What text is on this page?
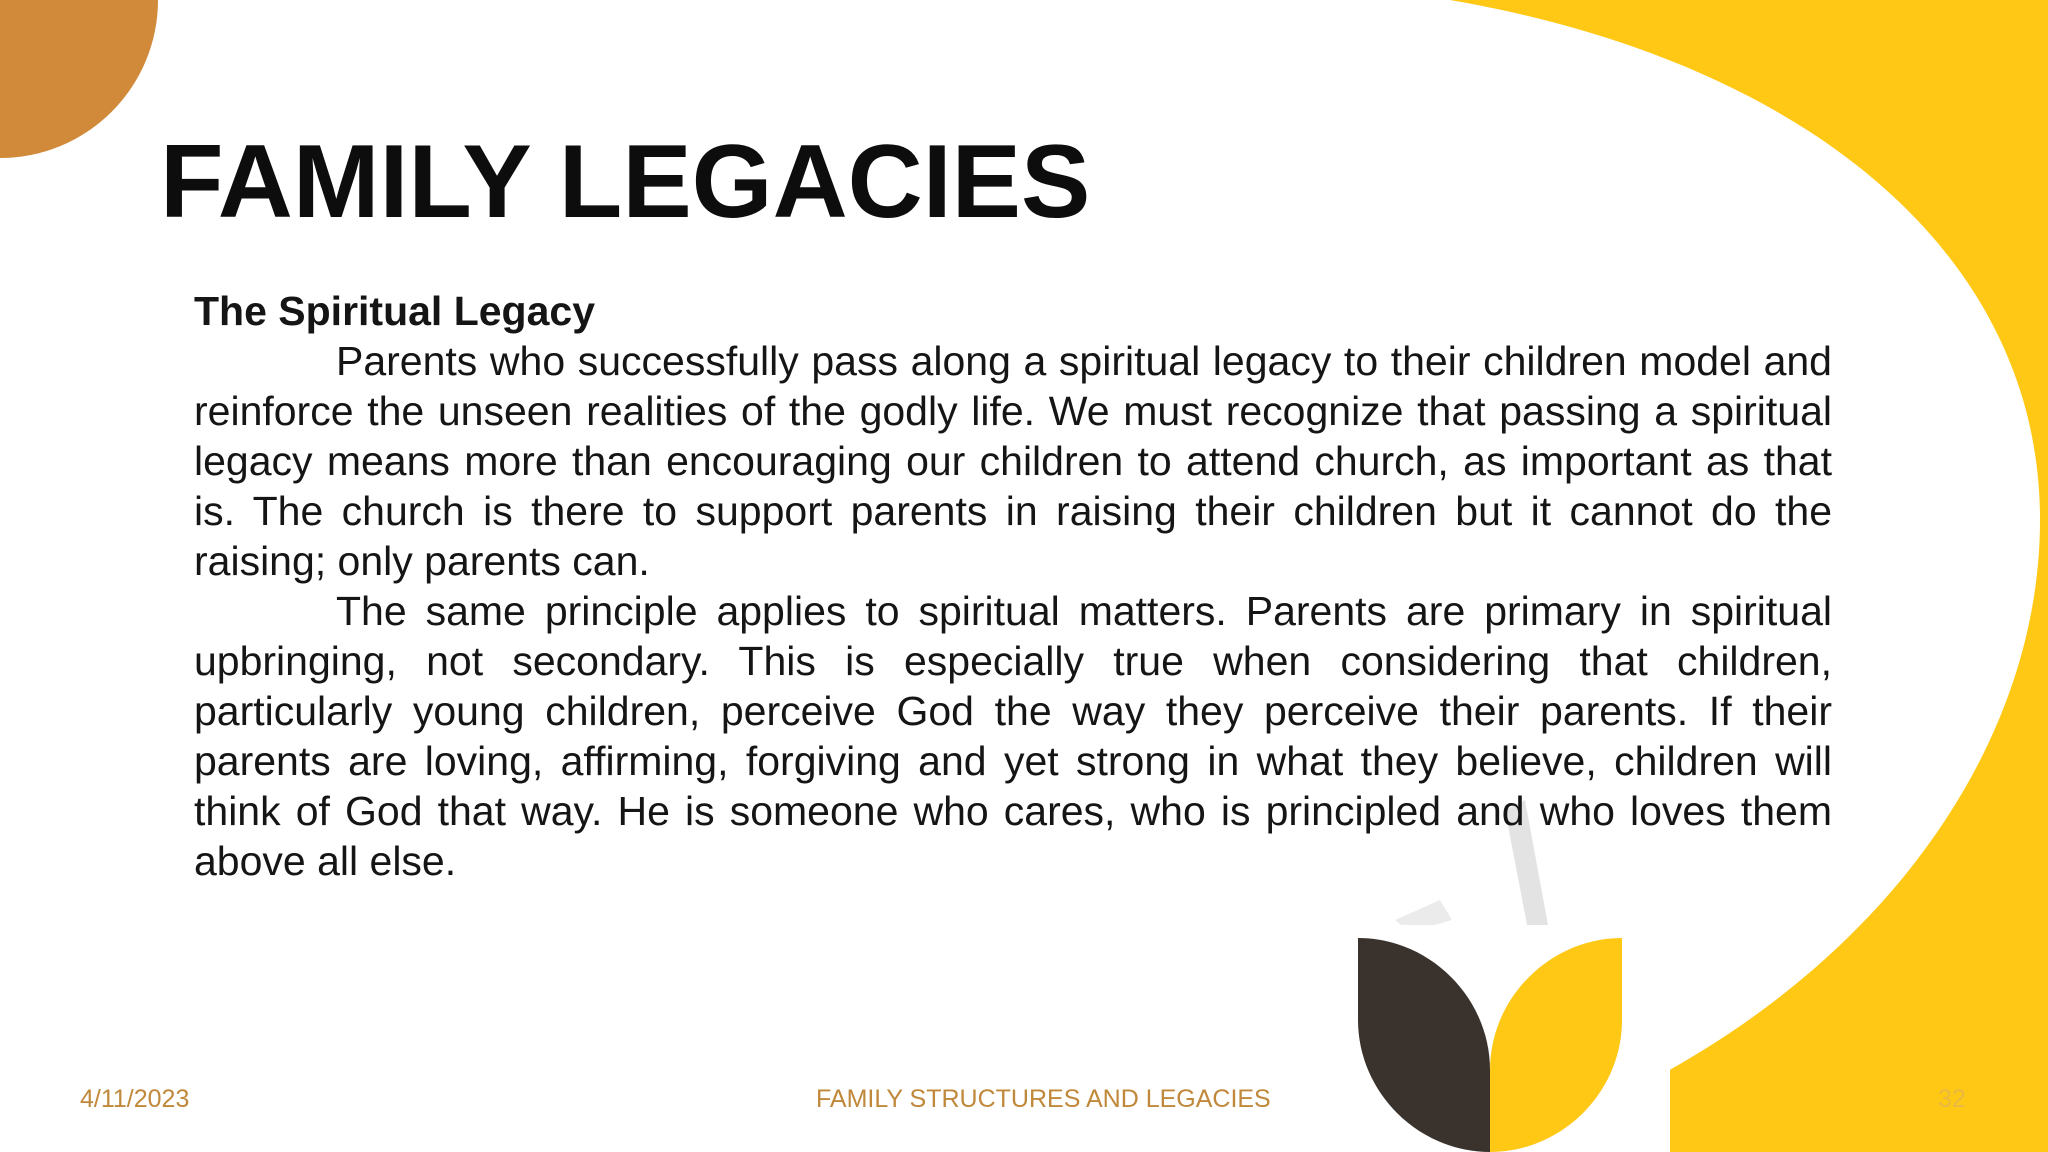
FAMILY LEGACIES

The Spiritual Legacy

Parents who successfully pass along a spiritual legacy to their children model and reinforce the unseen realities of the godly life. We must recognize that passing a spiritual legacy means more than encouraging our children to attend church, as important as that is. The church is there to support parents in raising their children but it cannot do the raising; only parents can.

The same principle applies to spiritual matters. Parents are primary in spiritual upbringing, not secondary. This is especially true when considering that children, particularly young children, perceive God the way they perceive their parents. If their parents are loving, affirming, forgiving and yet strong in what they believe, children will think of God that way. He is someone who cares, who is principled and who loves them above all else.

4/11/2023	FAMILY STRUCTURES AND LEGACIES	32
